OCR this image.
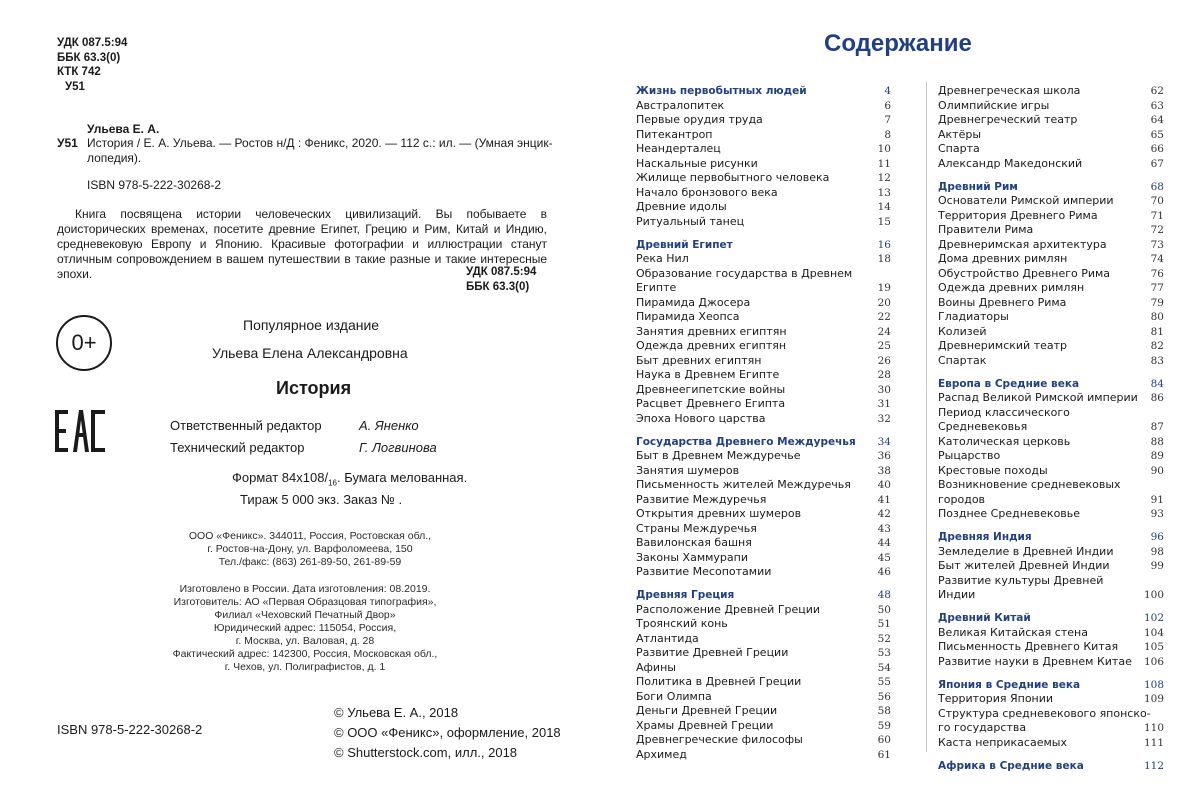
УДК 087.5:94
ББК 63.3(0)
КТК 742
У51
Ульева Е. А.
У51 История / Е. А. Ульева. — Ростов н/Д : Феникс, 2020. — 112 с.: ил. — (Умная энцик-лопедия).
ISBN 978-5-222-30268-2
Книга посвящена истории человеческих цивилизаций. Вы побываете в доисторических временах, посетите древние Египет, Грецию и Рим, Китай и Индию, средневековую Европу и Японию. Красивые фотографии и иллюстрации станут отличным сопровождением в вашем путешествии в такие разные и такие интересные эпохи.	УДК 087.5:94
ББК 63.3(0)
0+
Популярное издание
Ульева Елена Александровна
История
Ответственный редактор	А. Яненко
Технический редактор	Г. Логвинова
Формат $84x108/_{16}$. Бумага мелованная.
Тираж 5 000 экз. Заказ № .
ООО «Феникс». 344011, Россия, Ростовская обл.,
г. Ростов-на-Дону, ул. Варфоломеева, 150
Тел./факс: (863) 261-89-50, 261-89-59
Изготовлено в России. Дата изготовления: 08.2019.
Изготовитель: АО «Первая Образцовая типография»,
Филиал «Чеховский Печатный Двор»
Юридический адрес: 115054, Россия,
г. Москва, ул. Валовая, д. 28
Фактический адрес: 142300, Россия, Московская обл.,
г. Чехов, ул. Полиграфистов, д. 1
ISBN 978-5-222-30268-2
© Ульева Е. А., 2018
© ООО «Феникс», оформление, 2018
© Shutterstock.com, илл., 2018
Содержание
Жизнь первобытных людей	4
Австралопитек	6
Первые орудия труда	7
Питекантроп	8
Неандерталец	10
Наскальные рисунки	11
Жилище первобытного человека	12
Начало бронзового века	13
Древние идолы	14
Ритуальный танец	15
Древний Египет	16
Река Нил	18
Образование государства в Древнем Египте	19
Пирамида Джосера	20
Пирамида Хеопса	22
Занятия древних египтян	24
Одежда древних египтян	25
Быт древних египтян	26
Наука в Древнем Египте	28
Древнеегипетские войны	30
Расцвет Древнего Египта	31
Эпоха Нового царства	32
Государства Древнего Междуречья	34
Быт в Древнем Междуречье	36
Занятия шумеров	38
Письменность жителей Междуречья	40
Развитие Междуречья	41
Открытия древних шумеров	42
Страны Междуречья	43
Вавилонская башня	44
Законы Хаммурапи	45
Развитие Месопотамии	46
Древняя Греция	48
Расположение Древней Греции	50
Троянский конь	51
Атлантида	52
Развитие Древней Греции	53
Афины	54
Политика в Древней Греции	55
Боги Олимпа	56
Деньги Древней Греции	58
Храмы Древней Греции	59
Древнегреческие философы	60
Архимед	61
Древнегреческая школа	62
Олимпийские игры	63
Древнегреческий театр	64
Актёры	65
Спарта	66
Александр Македонский	67
Древний Рим	68
Основатели Римской империи	70
Территория Древнего Рима	71
Правители Рима	72
Древнеримская архитектура	73
Дома древних римлян	74
Обустройство Древнего Рима	76
Одежда древних римлян	77
Воины Древнего Рима	79
Гладиаторы	80
Колизей	81
Древнеримский театр	82
Спартак	83
Европа в Средние века	84
Распад Великой Римской империи	86
Период классического Средневековья	87
Католическая церковь	88
Рыцарство	89
Крестовые походы	90
Возникновение средневековых
городов	91
Позднее Средневековье	93
Древняя Индия	96
Земледелие в Древней Индии	98
Быт жителей Древней Индии	99
Развитие культуры Древней Индии	100
Древний Китай	102
Великая Китайская стена	104
Письменность Древнего Китая	105
Развитие науки в Древнем Китае	106
Япония в Средние века	108
Территория Японии	109
Структура средневекового японско-
го государства	110
Каста неприкасаемых	111
Африка в Средние века	112
